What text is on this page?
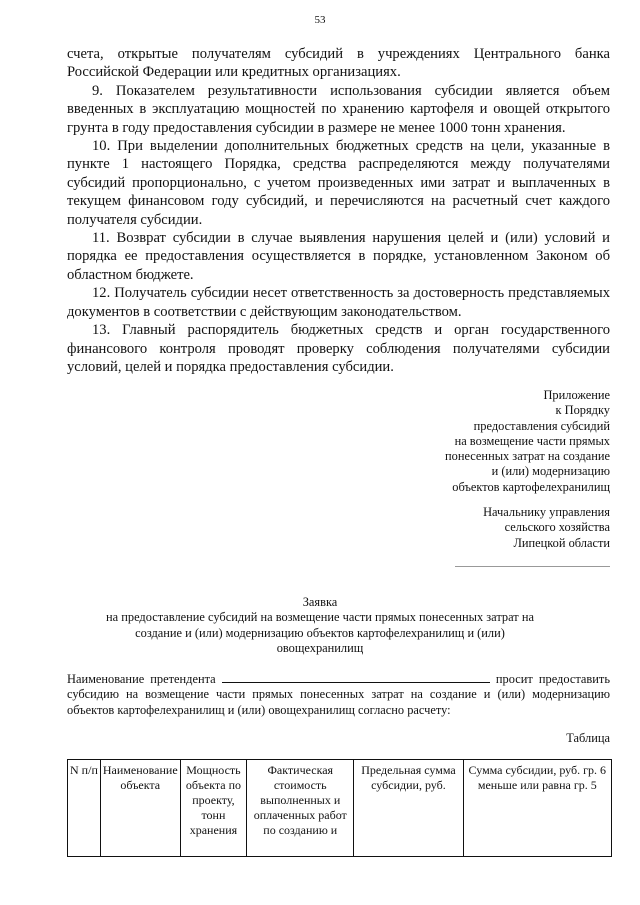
53

счета, открытые получателям субсидий в учреждениях Центрального банка Российской Федерации или кредитных организациях.

9. Показателем результативности использования субсидии является объем введенных в эксплуатацию мощностей по хранению картофеля и овощей открытого грунта в году предоставления субсидии в размере не менее 1000 тонн хранения.

10. При выделении дополнительных бюджетных средств на цели, указанные в пункте 1 настоящего Порядка, средства распределяются между получателями субсидий пропорционально, с учетом произведенных ими затрат и выплаченных в текущем финансовом году субсидий, и перечисляются на расчетный счет каждого получателя субсидии.

11. Возврат субсидии в случае выявления нарушения целей и (или) условий и порядка ее предоставления осуществляется в порядке, установленном Законом об областном бюджете.

12. Получатель субсидии несет ответственность за достоверность представляемых документов в соответствии с действующим законодательством.

13. Главный распорядитель бюджетных средств и орган государственного финансового контроля проводят проверку соблюдения получателями субсидии условий, целей и порядка предоставления субсидии.

Приложение
к Порядку
предоставления субсидий
на возмещение части прямых
понесенных затрат на создание
и (или) модернизацию
объектов картофелехранилищ
Начальнику управления
сельского хозяйства
Липецкой области
Заявка
на предоставление субсидий на возмещение части прямых понесенных затрат на
создание и (или) модернизацию объектов картофелехранилищ и (или)
овощехранилищ
Наименование претендента	просит предоставить субсидию на возмещение части прямых понесенных затрат на создание и (или) модернизацию объектов картофелехранилищ и (или) овощехранилищ согласно расчету:
Таблица
N п/п	Наименование объекта	Мощность объекта по проекту, тонн хранения	Фактическая стоимость выполненных и оплаченных работ по созданию и	Предельная сумма субсидии, руб.	Сумма субсидии, руб. гр. 6 меньше или равна гр. 5
